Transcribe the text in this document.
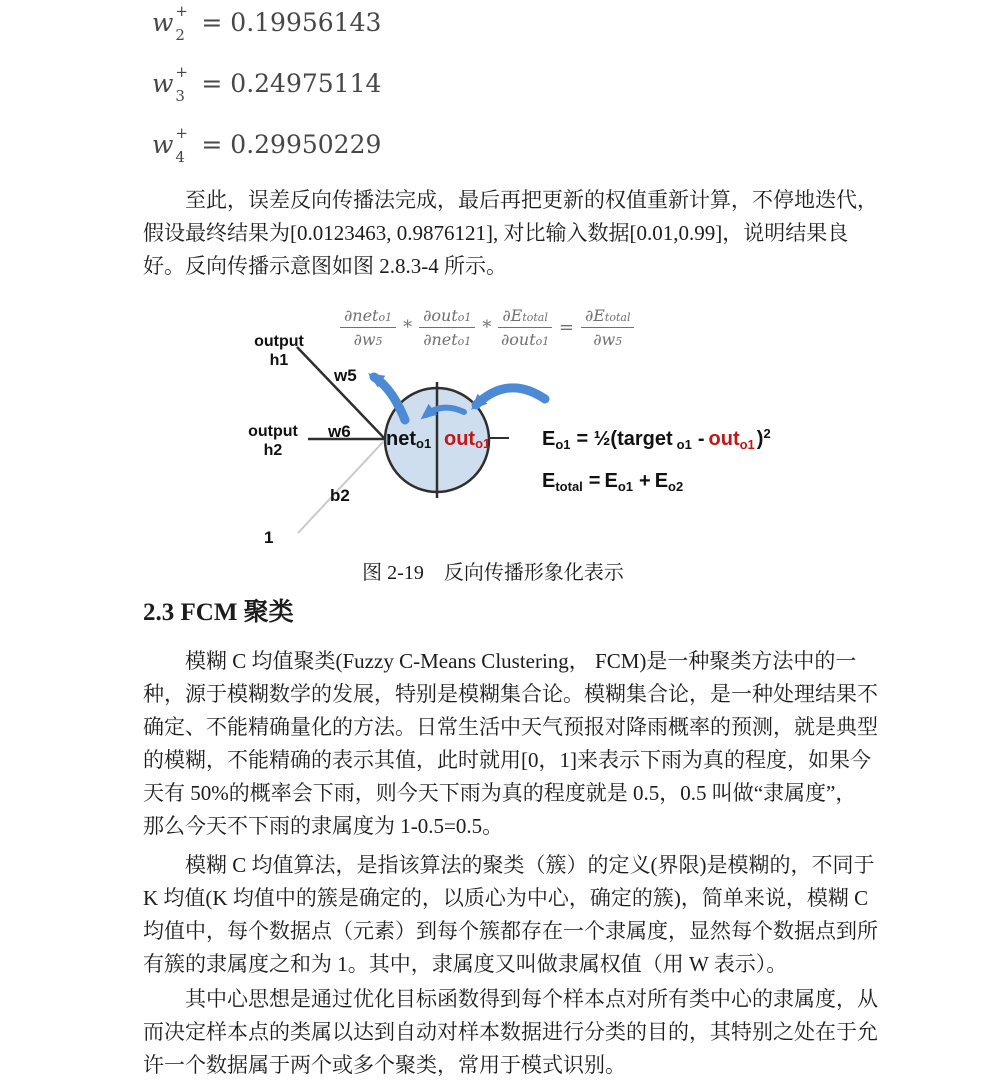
w +
2 = 0.19956143
w +
3 = 0.24975114
w +
4 = 0.29950229
至此，误差反向传播法完成，最后再把更新的权值重新计算，不停地迭代，
假设最终结果为[0.0123463, 0.9876121], 对比输入数据[0.01,0.99]，说明结果良
好。反向传播示意图如图 2.8.3-4 所示。
$\frac{\text{∂neto1}}{\partial w5} * \frac{\text{∂outo1}}{\text{∂neto1}} * \frac{\text{∂Etotal}}{\text{∂outo1}} = \frac{\text{∂Etotal}}{\partial w5}$
output
h1
w5
output
h2
w6
b2
1
neto1 outo1	$E_{o1}$ = ½(target $_{o1}$ - out$_{o1}$ )$^2$
$E_{total} = E_{o1} + E_{o2}$
图 2-19　反向传播形象化表示
2.3 FCM 聚类
模糊 C 均值聚类(Fuzzy C-Means Clustering， FCM)是一种聚类方法中的一
种，源于模糊数学的发展，特别是模糊集合论。模糊集合论，是一种处理结果不
确定、不能精确量化的方法。日常生活中天气预报对降雨概率的预测，就是典型
的模糊，不能精确的表示其值，此时就用[0，1]来表示下雨为真的程度，如果今
天有 50%的概率会下雨，则今天下雨为真的程度就是 0.5，0.5 叫做“隶属度”，
那么今天不下雨的隶属度为 1-0.5=0.5。
模糊 C 均值算法，是指该算法的聚类（簇）的定义(界限)是模糊的，不同于
K 均值(K 均值中的簇是确定的，以质心为中心，确定的簇)，简单来说，模糊 C
均值中，每个数据点（元素）到每个簇都存在一个隶属度，显然每个数据点到所
有簇的隶属度之和为 1。其中，隶属度又叫做隶属权值（用 W 表示）。
其中心思想是通过优化目标函数得到每个样本点对所有类中心的隶属度，从
而决定样本点的类属以达到自动对样本数据进行分类的目的，其特别之处在于允
许一个数据属于两个或多个聚类，常用于模式识别。
